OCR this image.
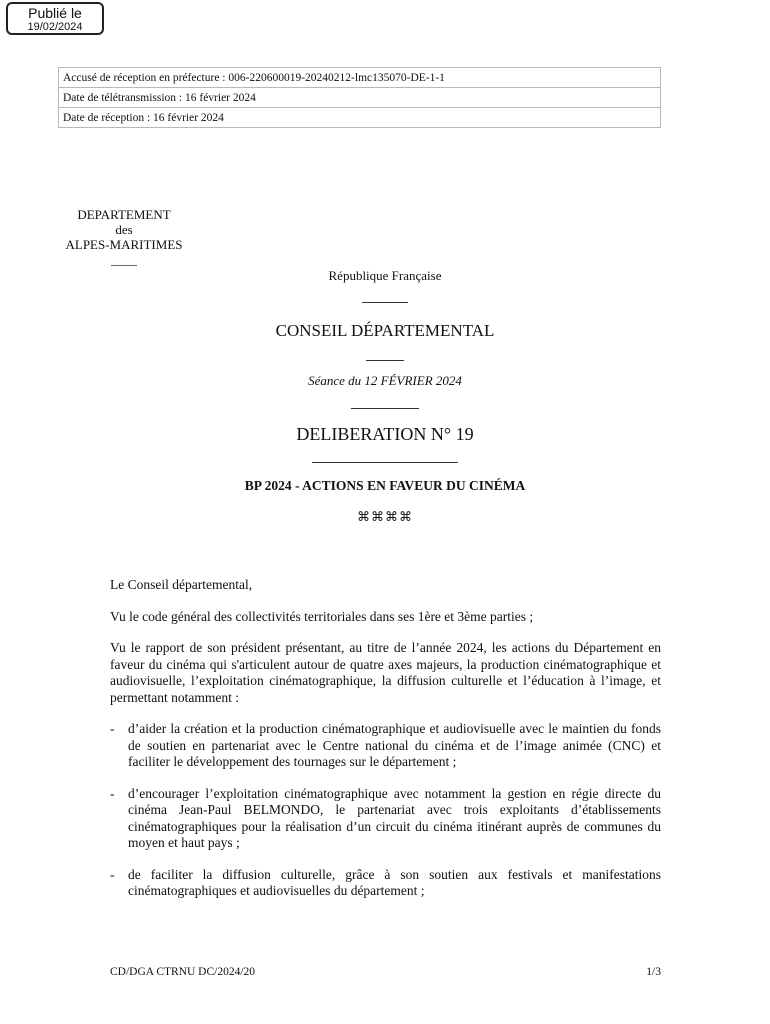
Publié le
19/02/2024
Accusé de réception en préfecture : 006-220600019-20240212-lmc135070-DE-1-1
Date de télétransmission : 16 février 2024
Date de réception : 16 février 2024
DEPARTEMENT
des
ALPES-MARITIMES
____
République Française
CONSEIL DÉPARTEMENTAL
Séance du 12 FÉVRIER 2024
DELIBERATION N° 19
BP 2024 - ACTIONS EN FAVEUR DU CINÉMA
⌘⌘⌘⌘

Le Conseil départemental,

Vu le code général des collectivités territoriales dans ses 1ère et 3ème parties ;

Vu le rapport de son président présentant, au titre de l’année 2024, les actions du Département en faveur du cinéma qui s'articulent autour de quatre axes majeurs, la production cinématographique et audiovisuelle, l’exploitation cinématographique, la diffusion culturelle et l’éducation à l’image, et permettant notamment :

- d’aider la création et la production cinématographique et audiovisuelle avec le maintien du fonds de soutien en partenariat avec le Centre national du cinéma et de l’image animée (CNC) et faciliter le développement des tournages sur le département ;
- d’encourager l’exploitation cinématographique avec notamment la gestion en régie directe du cinéma Jean-Paul BELMONDO, le partenariat avec trois exploitants d’établissements cinématographiques pour la réalisation d’un circuit du cinéma itinérant auprès de communes du moyen et haut pays ;
- de faciliter la diffusion culturelle, grâce à son soutien aux festivals et manifestations cinématographiques et audiovisuelles du département ;
CD/DGA CTRNU DC/2024/20	1/3
